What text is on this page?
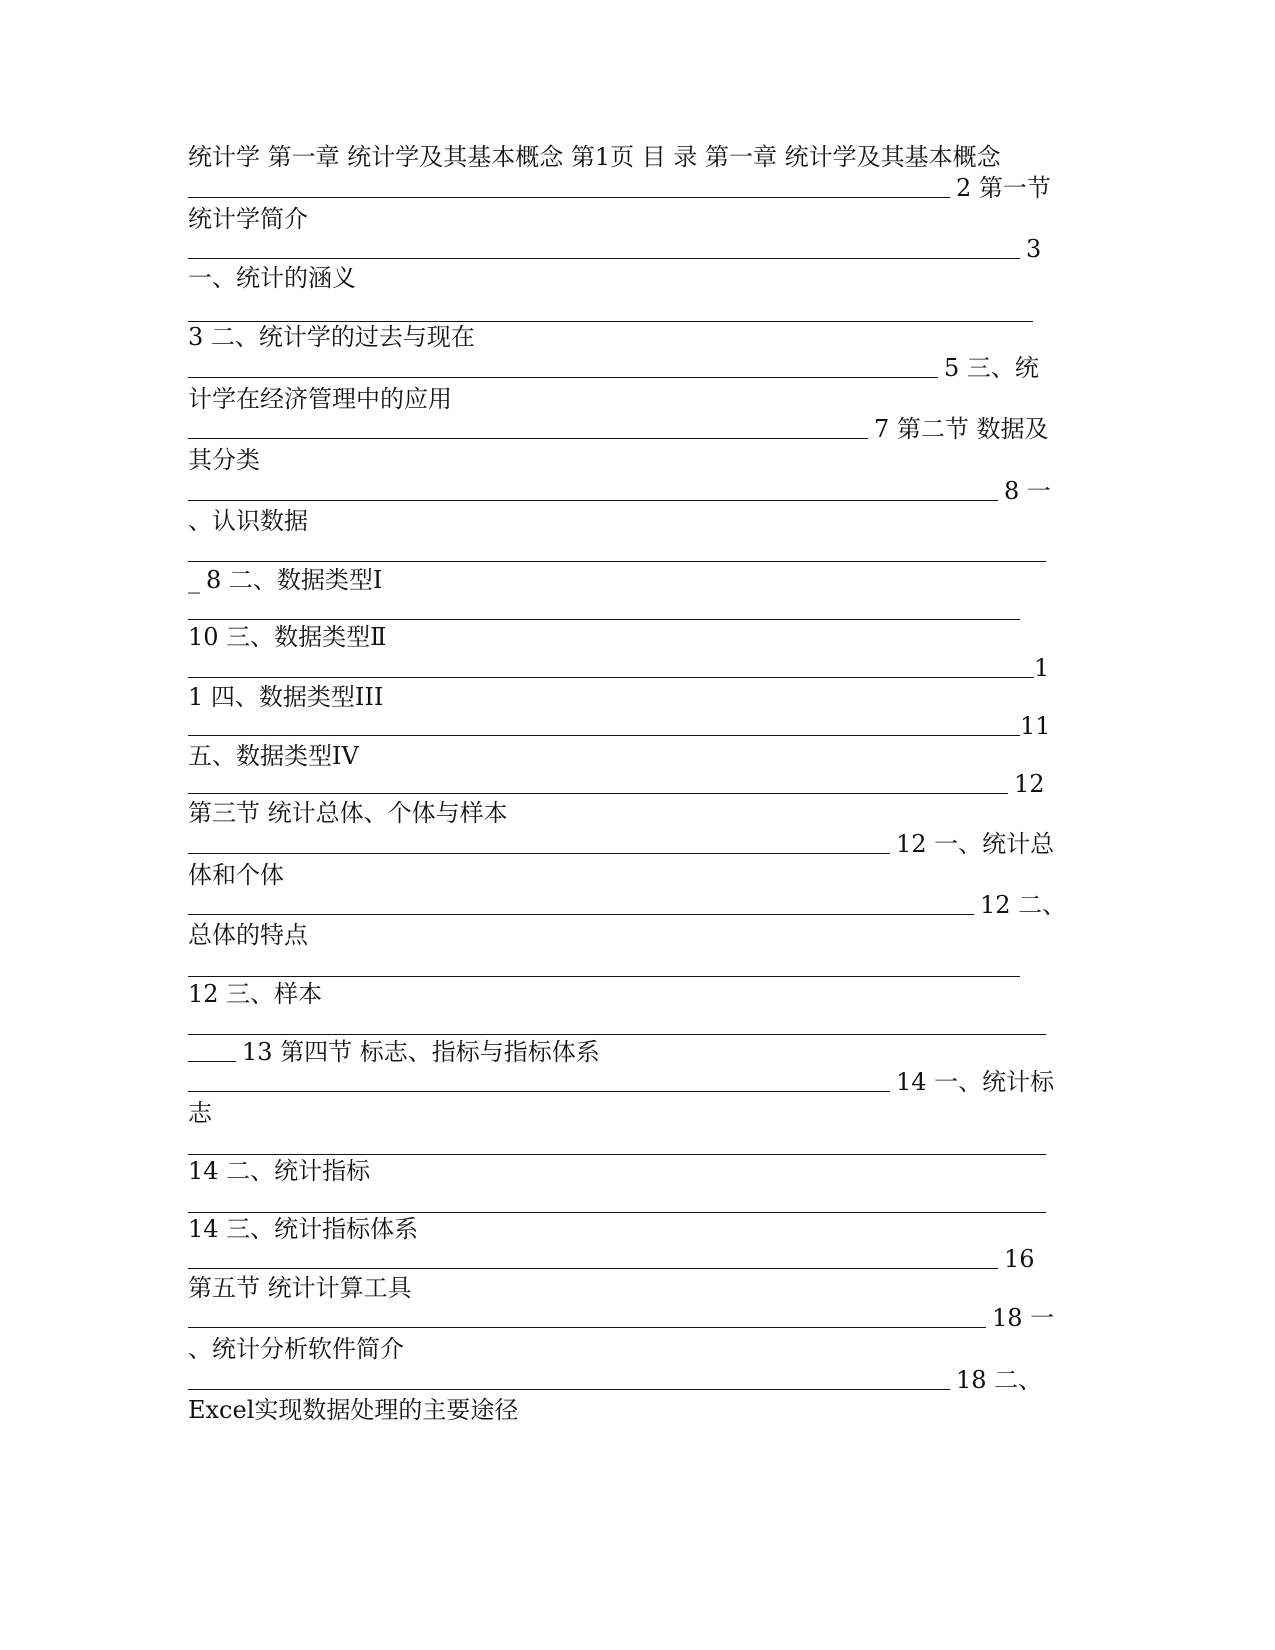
统计学 第一章 统计学及其基本概念 第1页 目 录 第一章 统计学及其基本概念
2 第一节
统计学简介
3
一、统计的涵义
3 二、统计学的过去与现在
5 三、统
计学在经济管理中的应用
7 第二节 数据及
其分类
8 一
、认识数据
_ 8 二、数据类型Ⅰ
10 三、数据类型Ⅱ
1
1 四、数据类型III
11
五、数据类型IV
12
第三节 统计总体、个体与样本
12 一、统计总
体和个体
12 二、
总体的特点
12 三、样本
13 第四节 标志、指标与指标体系
14 一、统计标
志
14 二、统计指标
14 三、统计指标体系
16
第五节 统计计算工具
18 一
、统计分析软件简介
18 二、
Excel实现数据处理的主要途径
